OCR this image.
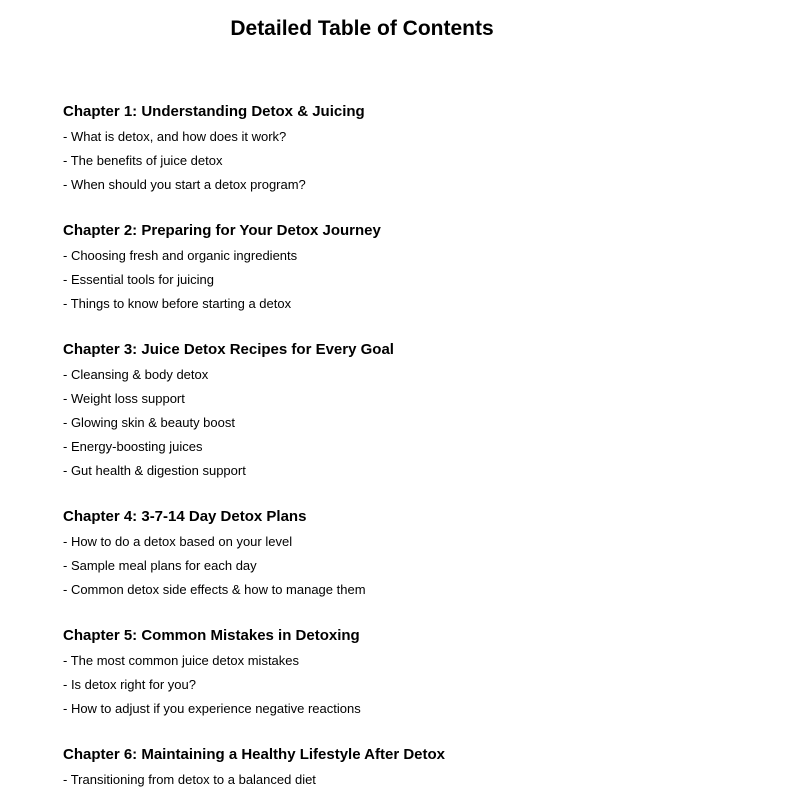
Detailed Table of Contents
Chapter 1: Understanding Detox & Juicing
- What is detox, and how does it work?
- The benefits of juice detox
- When should you start a detox program?
Chapter 2: Preparing for Your Detox Journey
- Choosing fresh and organic ingredients
- Essential tools for juicing
- Things to know before starting a detox
Chapter 3: Juice Detox Recipes for Every Goal
- Cleansing & body detox
- Weight loss support
- Glowing skin & beauty boost
- Energy-boosting juices
- Gut health & digestion support
Chapter 4: 3-7-14 Day Detox Plans
- How to do a detox based on your level
- Sample meal plans for each day
- Common detox side effects & how to manage them
Chapter 5: Common Mistakes in Detoxing
- The most common juice detox mistakes
- Is detox right for you?
- How to adjust if you experience negative reactions
Chapter 6: Maintaining a Healthy Lifestyle After Detox
- Transitioning from detox to a balanced diet
